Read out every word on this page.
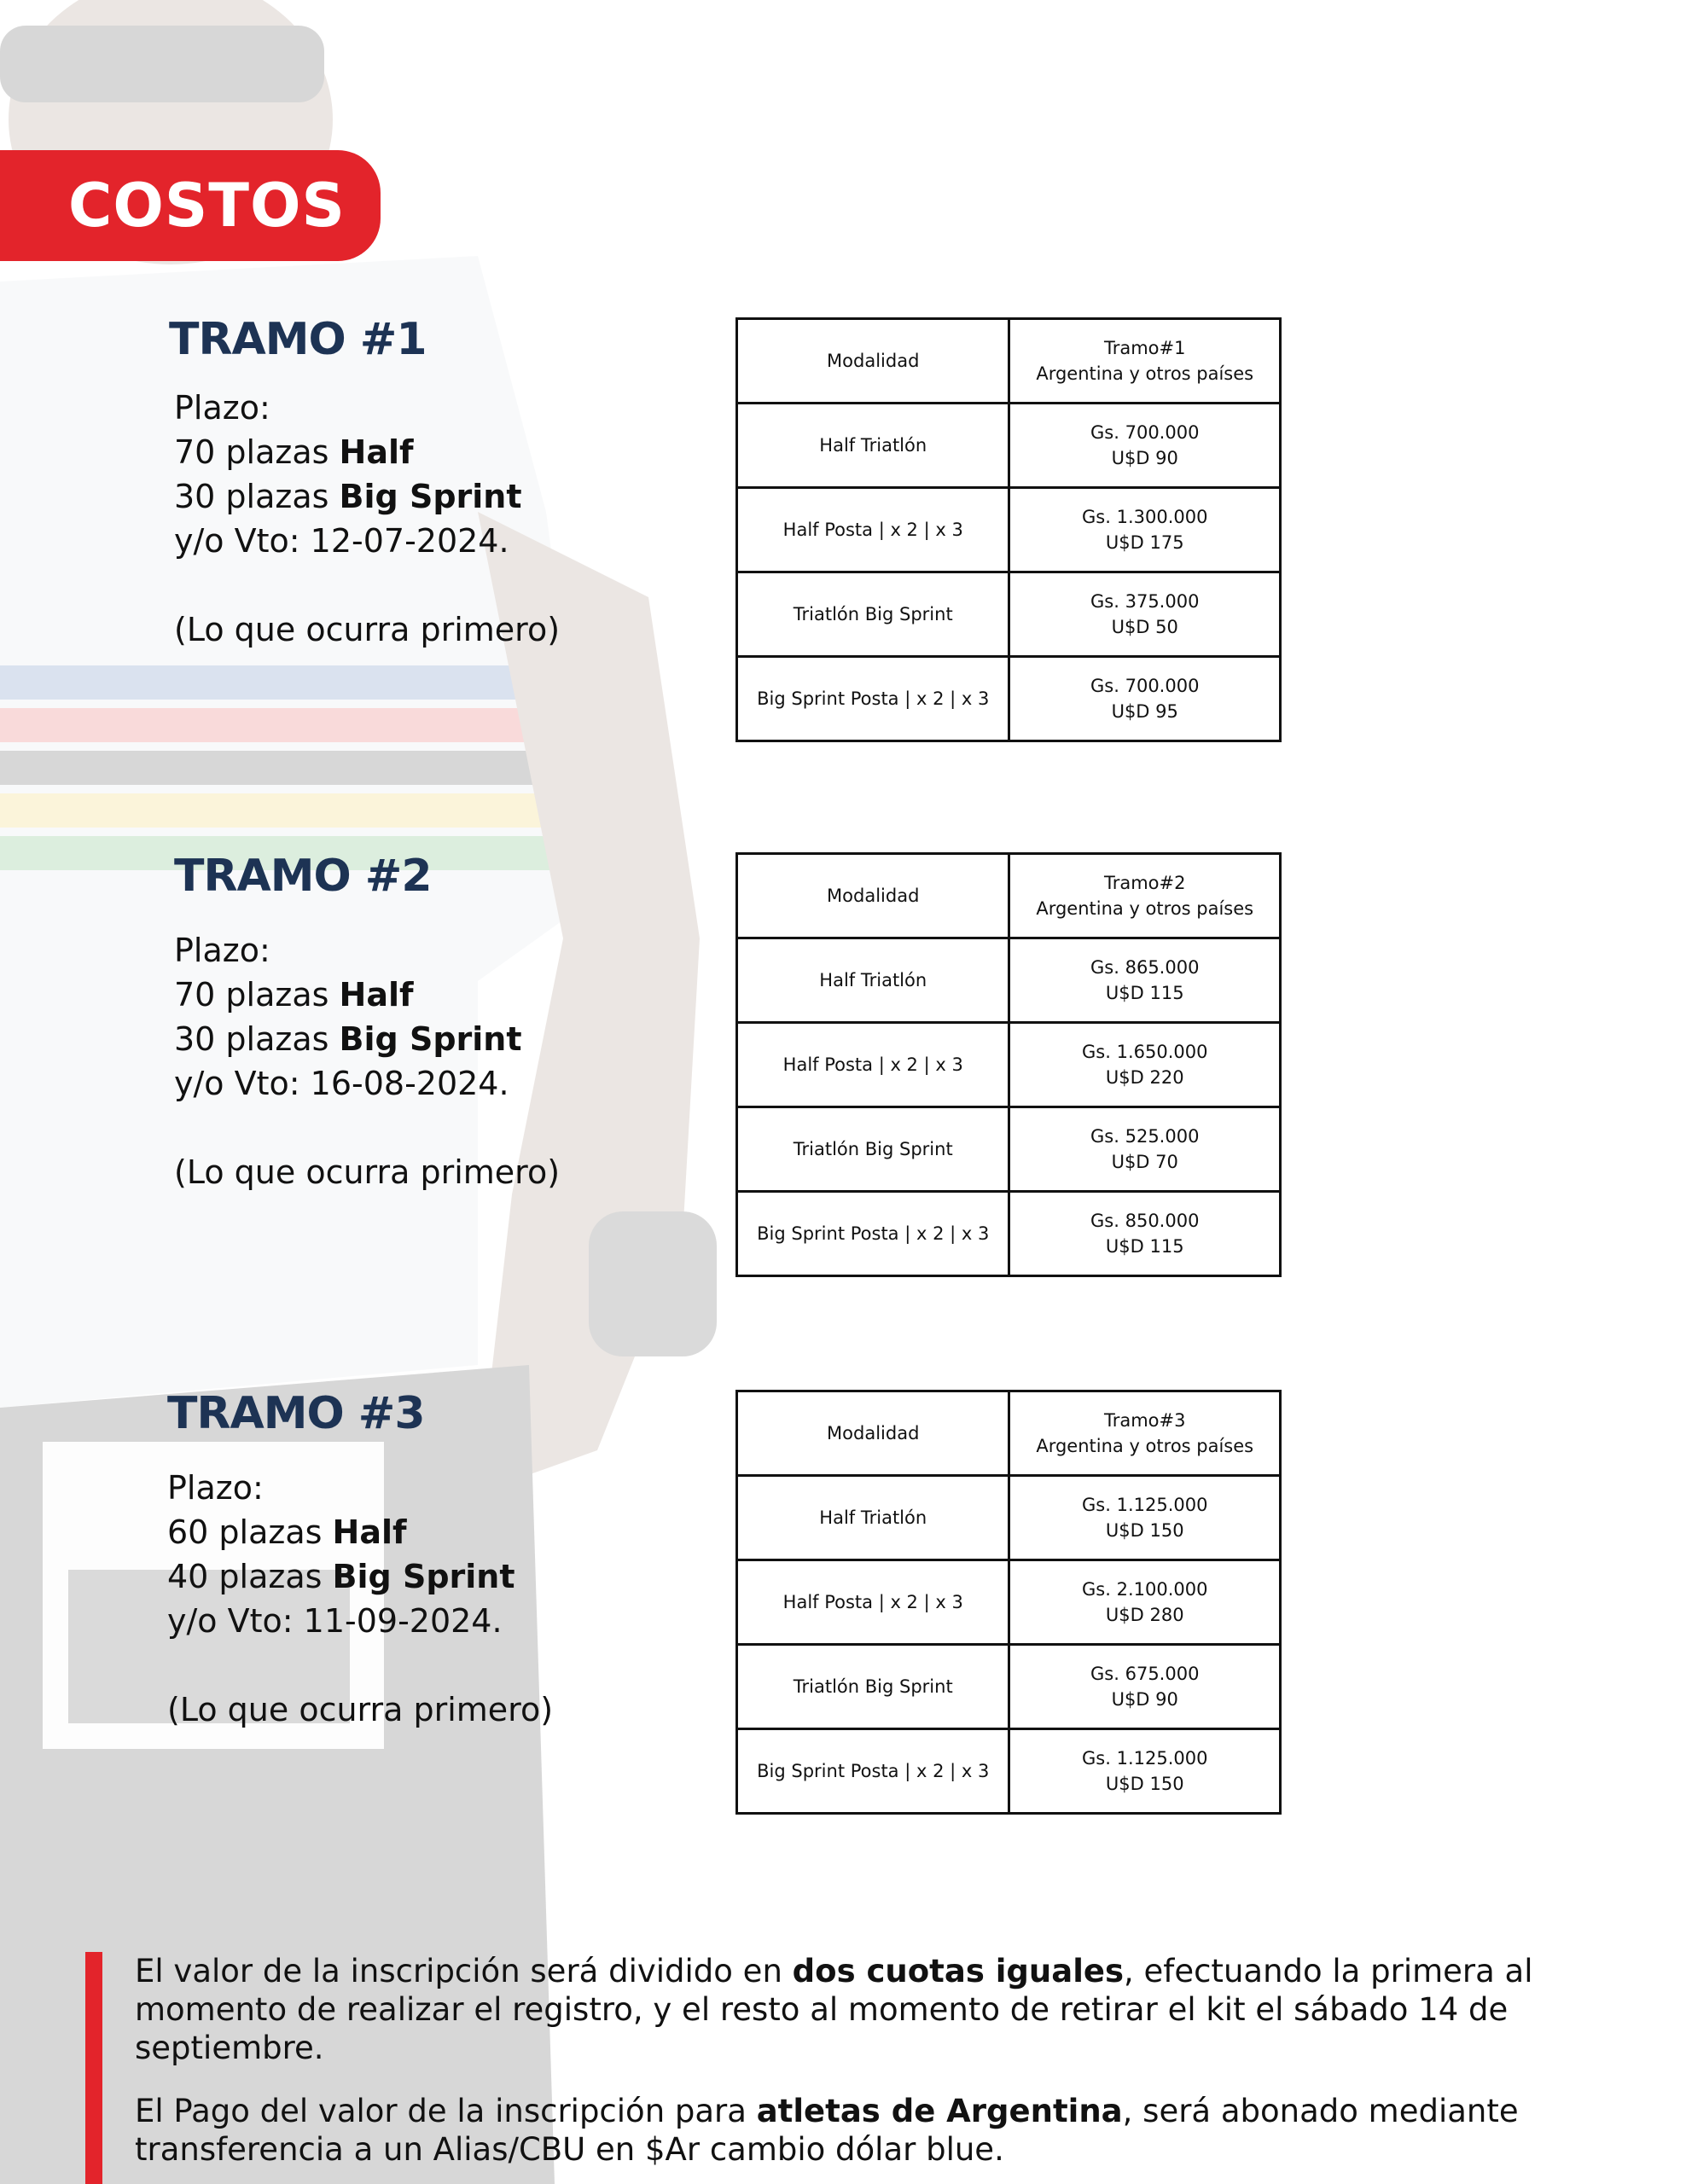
COSTOS
TRAMO #1
Plazo:
70 plazas Half
30 plazas Big Sprint
y/o Vto: 12-07-2024.
(Lo que ocurra primero)
Modalidad	Tramo#1
Argentina y otros países

Half Triatlón	Gs. 700.000
U$D 90

Half Posta | x 2 | x 3	Gs. 1.300.000
U$D 175

Triatlón Big Sprint	Gs. 375.000
U$D 50

Big Sprint Posta | x 2 | x 3	Gs. 700.000
U$D 95
TRAMO #2
Plazo:
70 plazas Half
30 plazas Big Sprint
y/o Vto: 16-08-2024.
(Lo que ocurra primero)
Modalidad	Tramo#2
Argentina y otros países

Half Triatlón	Gs. 865.000
U$D 115

Half Posta | x 2 | x 3	Gs. 1.650.000
U$D 220

Triatlón Big Sprint	Gs. 525.000
U$D 70

Big Sprint Posta | x 2 | x 3	Gs. 850.000
U$D 115
TRAMO #3
Plazo:
60 plazas Half
40 plazas Big Sprint
y/o Vto: 11-09-2024.
(Lo que ocurra primero)
Modalidad	Tramo#3
Argentina y otros países

Half Triatlón	Gs. 1.125.000
U$D 150

Half Posta | x 2 | x 3	Gs. 2.100.000
U$D 280

Triatlón Big Sprint	Gs. 675.000
U$D 90

Big Sprint Posta | x 2 | x 3	Gs. 1.125.000
U$D 150
El valor de la inscripción será dividido en dos cuotas iguales, efectuando la primera al momento de realizar el registro, y el resto al momento de retirar el kit el sábado 14 de septiembre.
El Pago del valor de la inscripción para atletas de Argentina, será abonado mediante transferencia a un Alias/CBU en $Ar cambio dólar blue.
